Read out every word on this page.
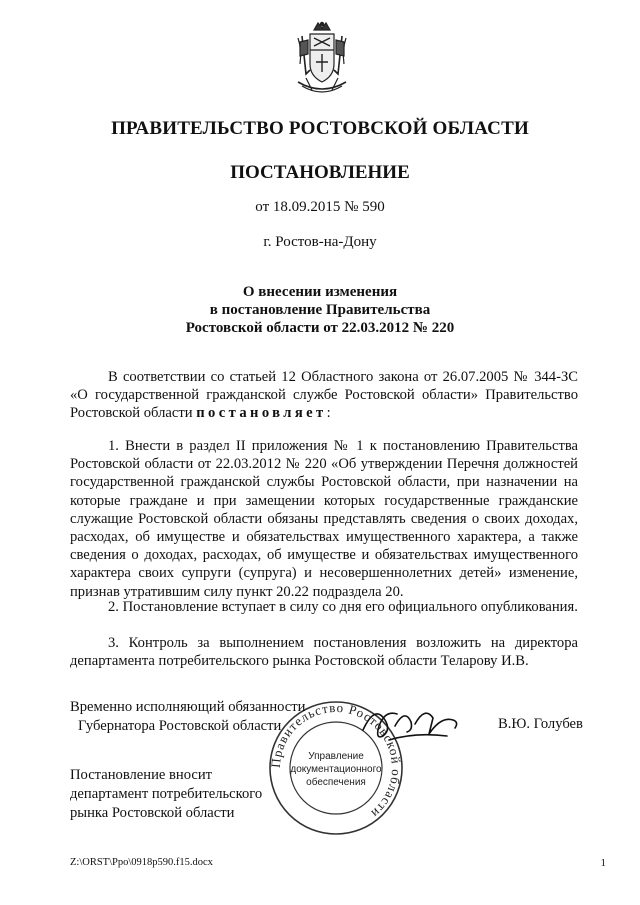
ПРАВИТЕЛЬСТВО РОСТОВСКОЙ ОБЛАСТИ
ПОСТАНОВЛЕНИЕ
от 18.09.2015 № 590
г. Ростов-на-Дону
О внесении изменения
в постановление Правительства
Ростовской области от 22.03.2012 № 220

В соответствии со статьей 12 Областного закона от 26.07.2005 № 344-ЗС «О государственной гражданской службе Ростовской области» Правительство Ростовской области постановляет:

1. Внести в раздел II приложения № 1 к постановлению Правительства Ростовской области от 22.03.2012 № 220 «Об утверждении Перечня должностей государственной гражданской службы Ростовской области, при назначении на которые граждане и при замещении которых государственные гражданские служащие Ростовской области обязаны представлять сведения о своих доходах, расходах, об имуществе и обязательствах имущественного характера, а также сведения о доходах, расходах, об имуществе и обязательствах имущественного характера своих супруги (супруга) и несовершеннолетних детей» изменение, признав утратившим силу пункт 20.22 подраздела 20.

2. Постановление вступает в силу со дня его официального опубликования.

3. Контроль за выполнением постановления возложить на директора департамента потребительского рынка Ростовской области Теларову И.В.

Правительство Ростовской области
Управление
документационного
обеспечения
Временно исполняющий обязанности
Губернатора Ростовской области	В.Ю. Голубев
Постановление вносит
департамент потребительского
рынка Ростовской области
Z:\ORST\Ppo\0918p590.f15.docx	1
